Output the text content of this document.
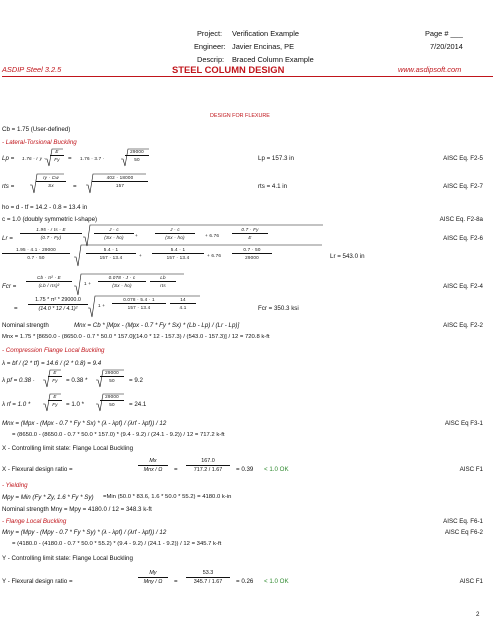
Project: Verification Example
Engineer: Javier Encinas, PE
Descrip: Braced Column Example
Page # ___
7/20/2014
ASDIP Steel 3.2.5	STEEL COLUMN DESIGN	www.asdipsoft.com
DESIGN FOR FLEXURE
Cb = 1.75 (User-defined)
- Lateral-Torsional Buckling
Lp = 1.76 · r y ·
E
Fy	= 1.76 · 3.7 ·
29000
50	Lp = 157.3 in	AISC Eq. F2-5
rts =
Iy · Cw
Sx	=
402 · 18000
157	rts = 4.1 in	AISC Eq. F2-7
ho = d - tf = 14.2 - 0.8 = 13.4 in
c = 1.0 (doubly symmetric I-shape)	AISC Eq. F2-8a
Lr =
1.95 · r ts · E
(0.7 · Fy)
J · c
(Sx · ho)	+
J · c
(Sx · ho)	+ 6.76
0.7 · Fy
E	AISC Eq. F2-6
1.95 · 4.1 · 29000
0.7 · 50
5.4 · 1
157 · 13.4	+
5.4 · 1
157 · 13.4	+ 6.76
0.7 · 50
29000	Lr = 543.0 in
Fcr =
Cb · π² · E
(Lb / rts)²	1 +
0.078 · J · c
(Sx · ho)
Lb
rts	AISC Eq. F2-4
=
1.75 * π² * 29000.0
(14.0 * 12 / 4.1)²
1 +
0.078 · 5.4 · 1
157 · 13.4
14
4.1	Fcr = 350.3 ksi
Nominal strength	Mnx = Cb * [Mpx - (Mpx - 0.7 * Fy * Sx) * (Lb - Lp) / (Lr - Lp)]	AISC Eq. F2-2
Mnx = 1.75 * [8650.0 - (8650.0 - 0.7 * 50.0 * 157.0](14.0 * 12 - 157.3) / (543.0 - 157.3)] / 12 = 720.8 k-ft
- Compression Flange Local Buckling
λ = bf / (2 * tf) = 14.6 / (2 * 0.8) = 9.4
λ pf = 0.38 ·
E
Fy	= 0.38 *
29000
50	= 9.2
λ rf = 1.0 *
E
Fy	= 1.0 *
29000
50	= 24.1
Mnx = (Mpx - (Mpx - 0.7 * Fy * Sx) * (λ - λpf) / (λrf - λpf)) / 12	AISC Eq F3-1
= (8650.0 - (8650.0 - 0.7 * 50.0 * 157.0) * (9.4 - 9.2) / (24.1 - 9.2)) / 12 = 717.2 k-ft
X - Controlling limit state: Flange Local Buckling
X - Flexural design ratio =
Mx
Mnx / Ω	=
167.0
717.2 / 1.67	= 0.39 < 1.0 OK	AISC F1
- Yielding
Mpy = Min (Fy * Zy, 1.6 * Fy * Sy) =Min (50.0 * 83.6, 1.6 * 50.0 * 55.2) = 4180.0 k-in
Nominal strength Mny = Mpy = 4180.0 / 12 = 348.3 k-ft
- Flange Local Buckling	AISC Eq. F6-1
Mny = (Mpy - (Mpy - 0.7 * Fy * Sy) * (λ - λpf) / (λrf - λpf)) / 12	AISC Eq F6-2
= (4180.0 - (4180.0 - 0.7 * 50.0 * 55.2) * (9.4 - 9.2) / (24.1 - 9.2)) / 12 = 345.7 k-ft
Y - Controlling limit state: Flange Local Buckling
Y - Flexural design ratio =
My
Mny / Ω	=
53.3
345.7 / 1.67	= 0.26 < 1.0 OK	AISC F1
2
